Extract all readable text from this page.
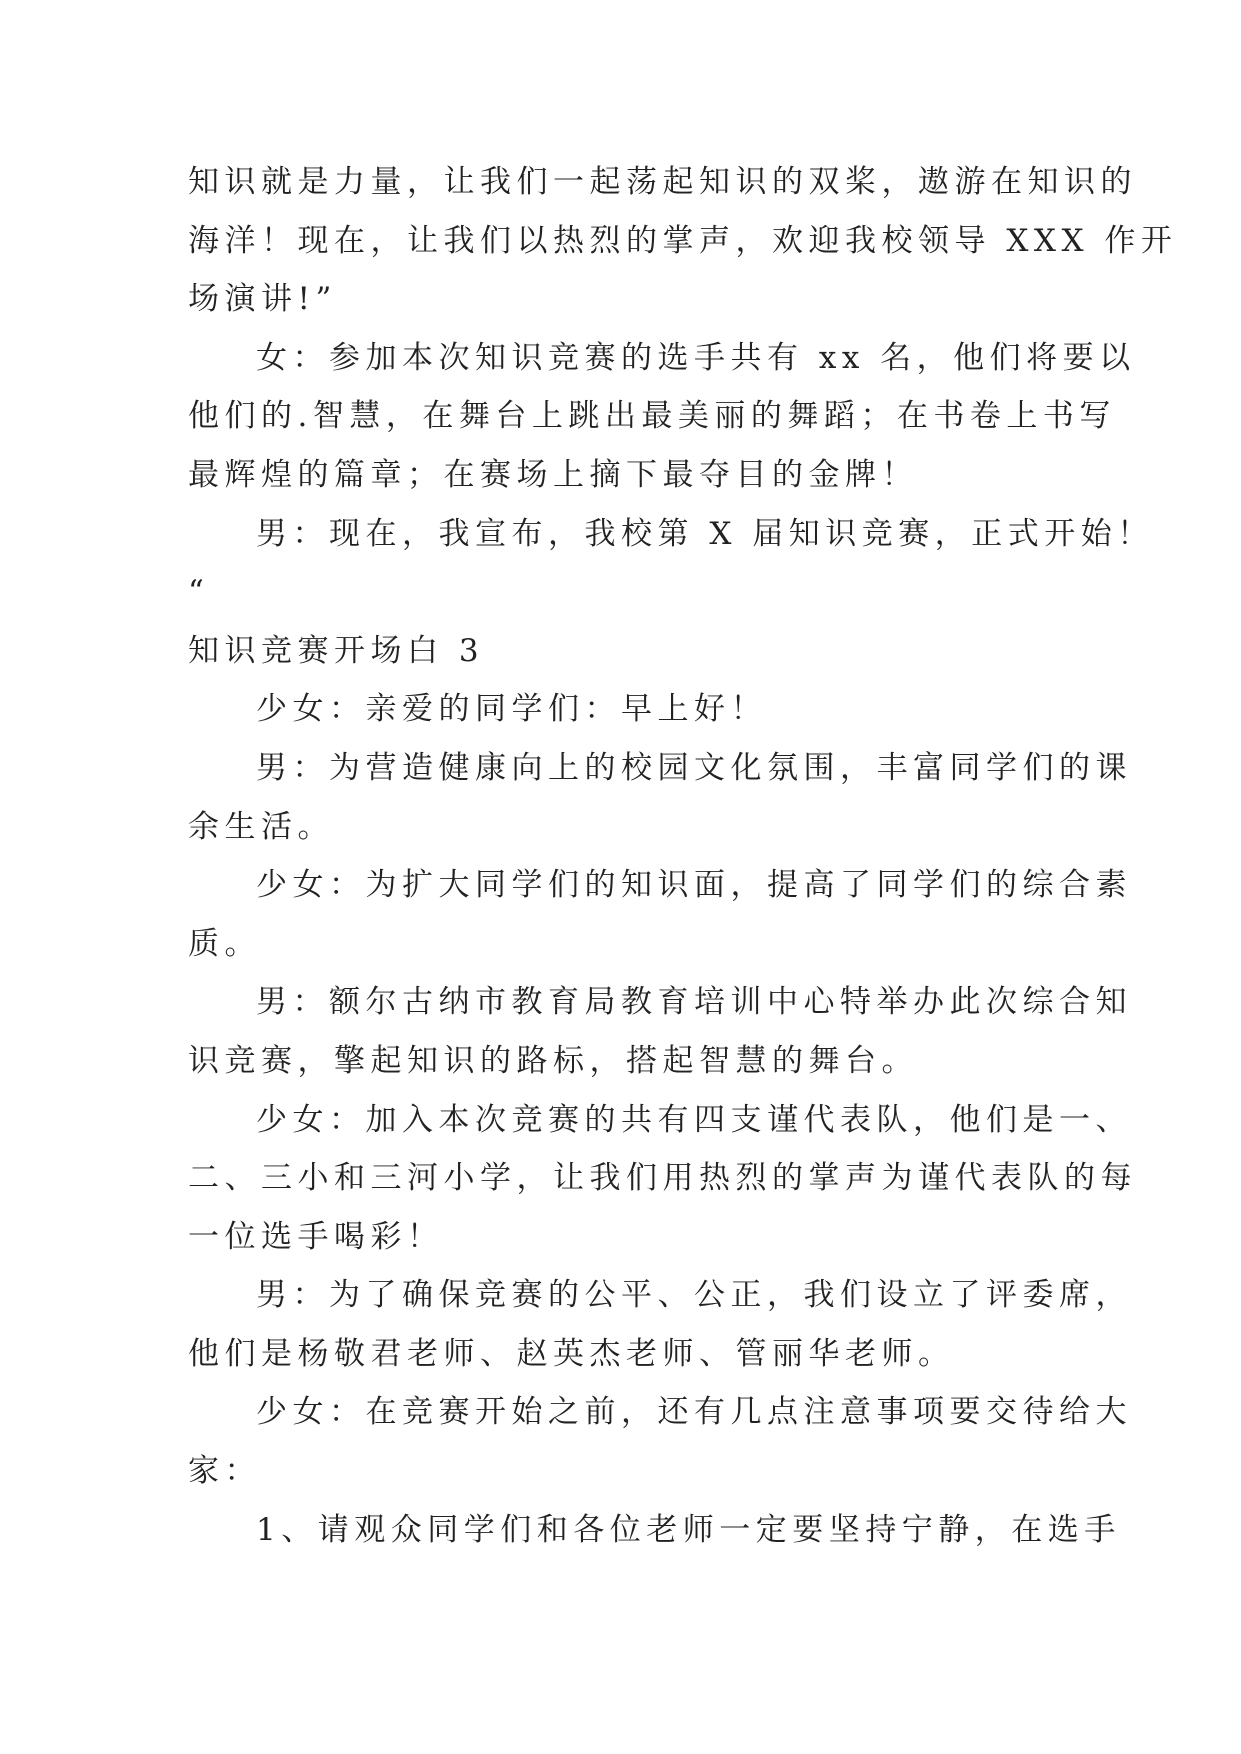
知识就是力量，让我们一起荡起知识的双桨，遨游在知识的
海洋！现在，让我们以热烈的掌声，欢迎我校领导 XXX 作开
场演讲!”
女：参加本次知识竞赛的选手共有 xx 名，他们将要以
他们的.智慧，在舞台上跳出最美丽的舞蹈；在书卷上书写
最辉煌的篇章；在赛场上摘下最夺目的金牌！
男：现在，我宣布，我校第 X 届知识竞赛，正式开始！
“
知识竞赛开场白 3
少女：亲爱的同学们：早上好！
男：为营造健康向上的校园文化氛围，丰富同学们的课
余生活。
少女：为扩大同学们的知识面，提高了同学们的综合素
质。
男：额尔古纳市教育局教育培训中心特举办此次综合知
识竞赛，擎起知识的路标，搭起智慧的舞台。
少女：加入本次竞赛的共有四支谨代表队，他们是一、
二、三小和三河小学，让我们用热烈的掌声为谨代表队的每
一位选手喝彩！
男：为了确保竞赛的公平、公正，我们设立了评委席，
他们是杨敬君老师、赵英杰老师、管丽华老师。
少女：在竞赛开始之前，还有几点注意事项要交待给大
家：
1、请观众同学们和各位老师一定要坚持宁静，在选手
